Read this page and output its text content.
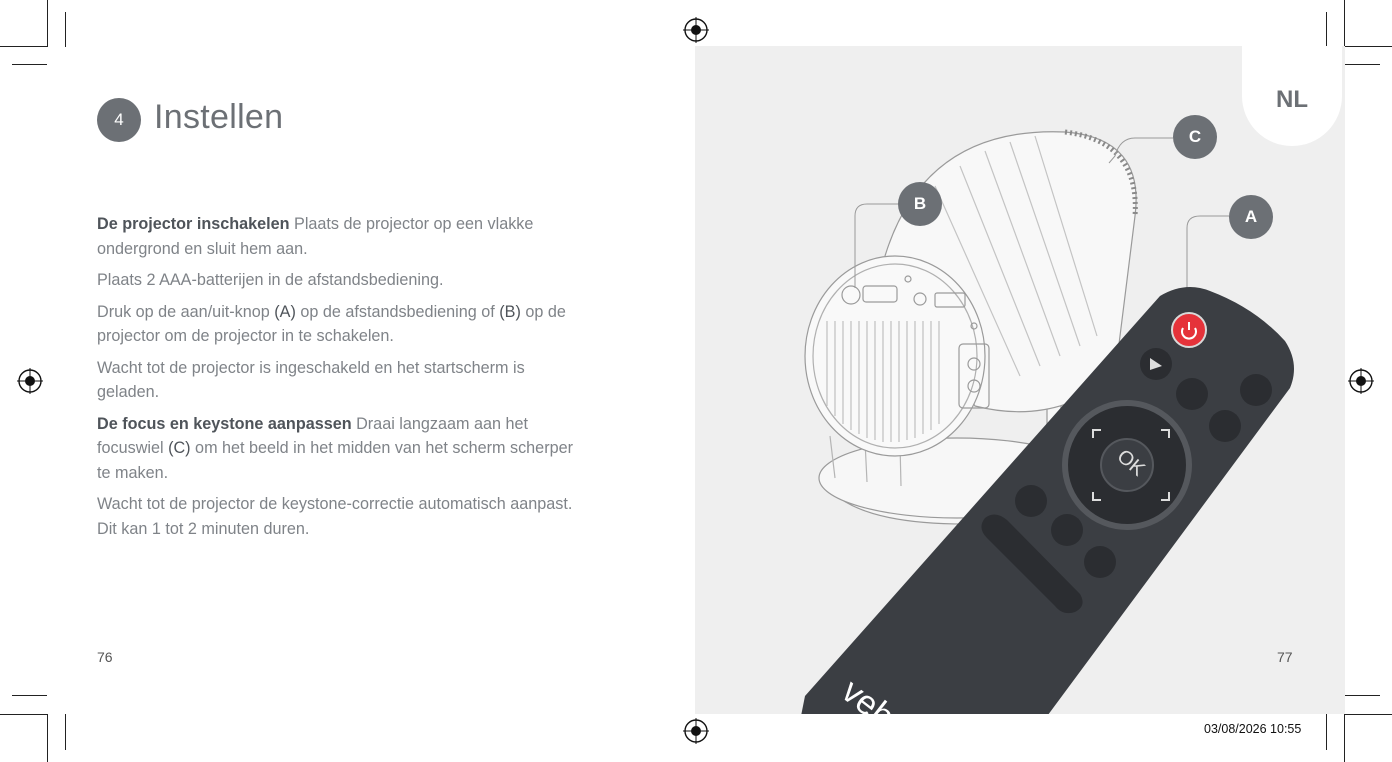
4 Instellen

De projector inschakelen Plaats de projector op een vlakke ondergrond en sluit hem aan.

Plaats 2 AAA-batterijen in de afstandsbediening.

Druk op de aan/uit-knop (A) op de afstandsbediening of (B) op de projector om de projector in te schakelen.

Wacht tot de projector is ingeschakeld en het startscherm is geladen.

De focus en keystone aanpassen Draai langzaam aan het focuswiel (C) om het beeld in het midden van het scherm scherper te maken.

Wacht tot de projector de keystone-correctie automatisch aanpast. Dit kan 1 tot 2 minuten duren.

76
NL
C
B
A
OK
veh
77
03/08/2026 10:55
